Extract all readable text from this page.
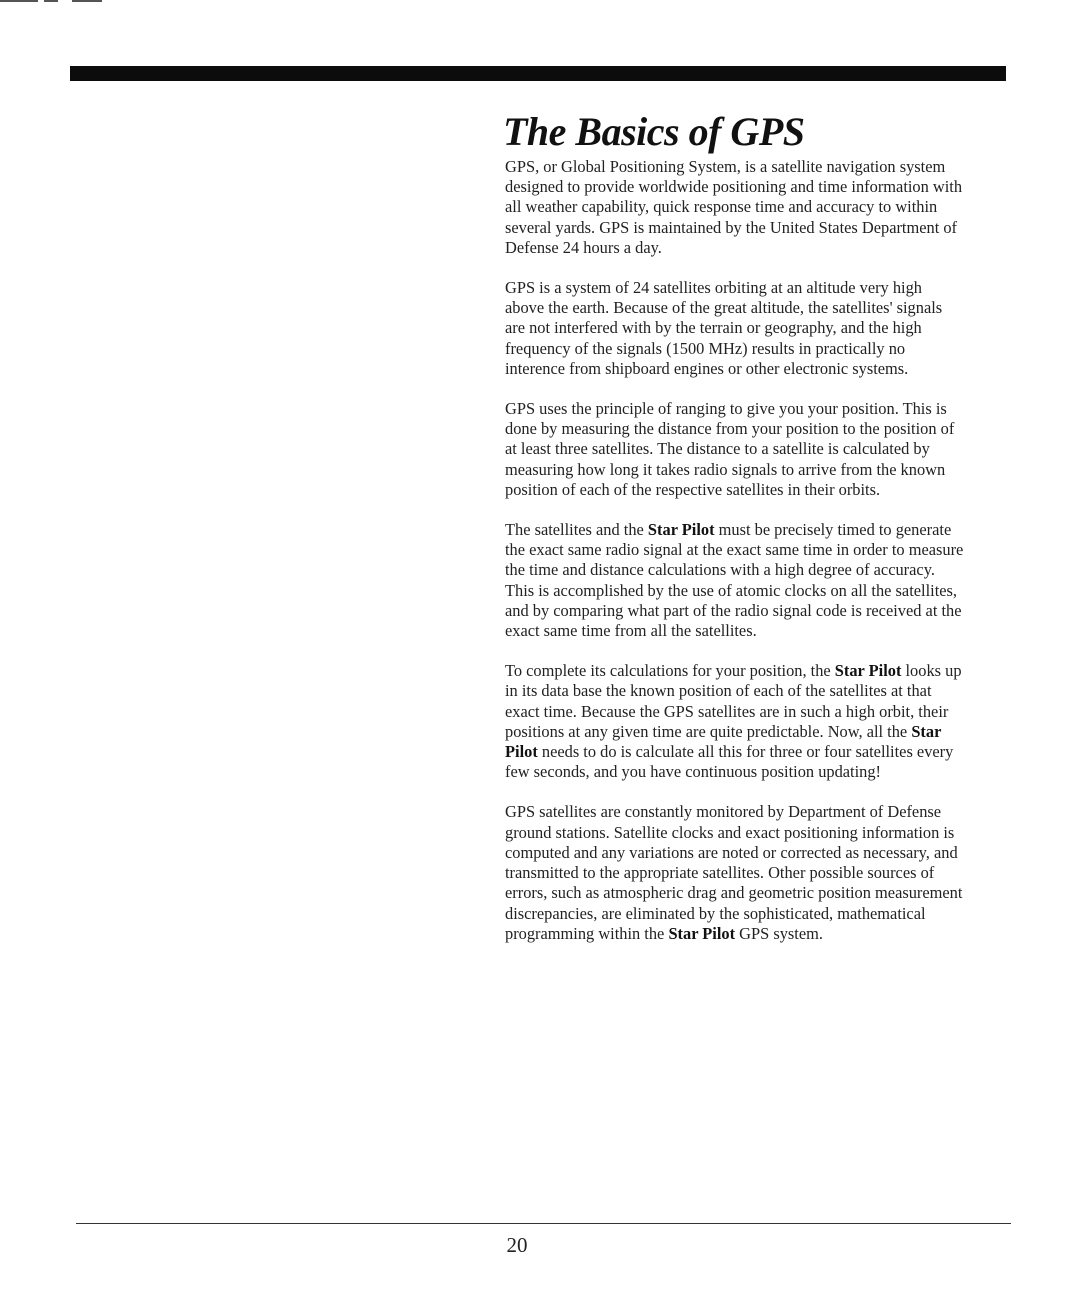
The Basics of GPS
GPS, or Global Positioning System, is a satellite navigation system
designed to provide worldwide positioning and time information with
all weather capability, quick response time and accuracy to within
several yards. GPS is maintained by the United States Department of
Defense 24 hours a day.
GPS is a system of 24 satellites orbiting at an altitude very high
above the earth. Because of the great altitude, the satellites' signals
are not interfered with by the terrain or geography, and the high
frequency of the signals (1500 MHz) results in practically no
interence from shipboard engines or other electronic systems.
GPS uses the principle of ranging to give you your position. This is
done by measuring the distance from your position to the position of
at least three satellites. The distance to a satellite is calculated by
measuring how long it takes radio signals to arrive from the known
position of each of the respective satellites in their orbits.
The satellites and the Star Pilot must be precisely timed to generate
the exact same radio signal at the exact same time in order to measure
the time and distance calculations with a high degree of accuracy.
This is accomplished by the use of atomic clocks on all the satellites,
and by comparing what part of the radio signal code is received at the
exact same time from all the satellites.
To complete its calculations for your position, the Star Pilot looks up
in its data base the known position of each of the satellites at that
exact time. Because the GPS satellites are in such a high orbit, their
positions at any given time are quite predictable. Now, all the Star
Pilot needs to do is calculate all this for three or four satellites every
few seconds, and you have continuous position updating!
GPS satellites are constantly monitored by Department of Defense
ground stations. Satellite clocks and exact positioning information is
computed and any variations are noted or corrected as necessary, and
transmitted to the appropriate satellites. Other possible sources of
errors, such as atmospheric drag and geometric position measurement
discrepancies, are eliminated by the sophisticated, mathematical
programming within the Star Pilot GPS system.
20
